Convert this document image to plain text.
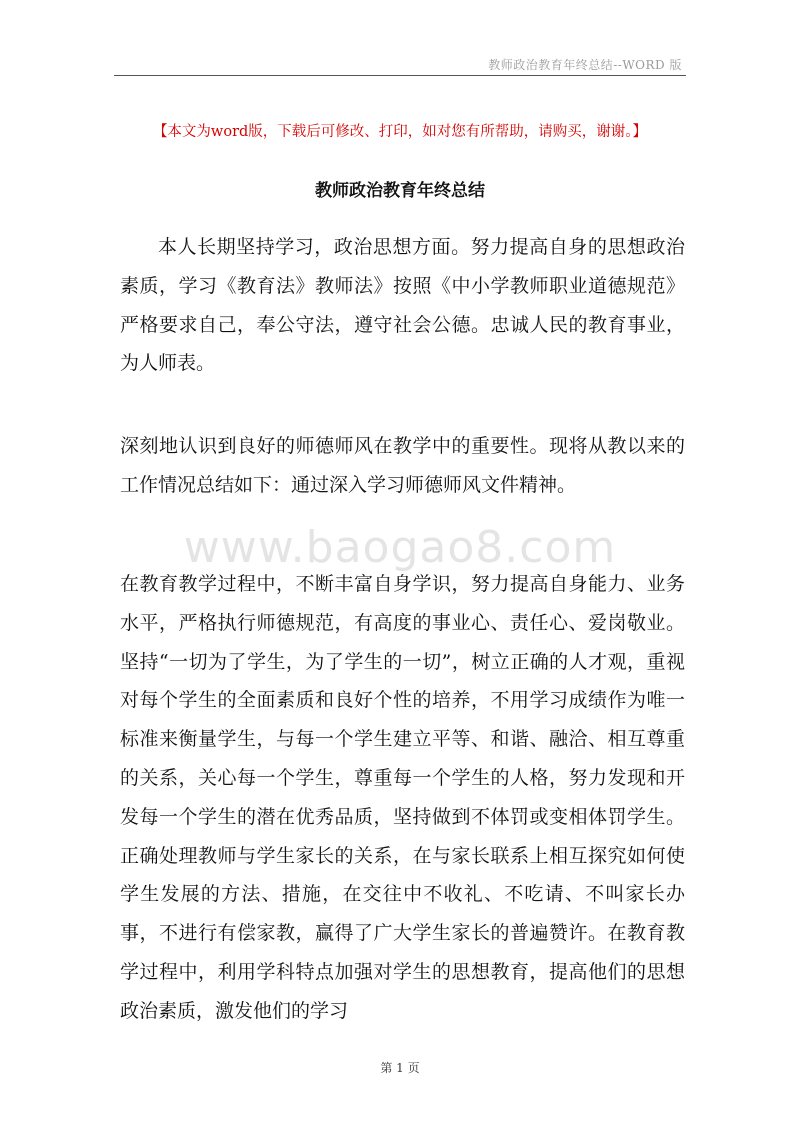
教师政治教育年终总结--WORD 版
【本文为word版，下载后可修改、打印，如对您有所帮助，请购买，谢谢。】
教师政治教育年终总结

本人长期坚持学习，政治思想方面。努力提高自身的思想政治素质，学习《教育法》教师法》按照《中小学教师职业道德规范》严格要求自己，奉公守法，遵守社会公德。忠诚人民的教育事业，为人师表。

深刻地认识到良好的师德师风在教学中的重要性。现将从教以来的工作情况总结如下：通过深入学习师德师风文件精神。

www.baogao8.com

在教育教学过程中，不断丰富自身学识，努力提高自身能力、业务水平，严格执行师德规范，有高度的事业心、责任心、爱岗敬业。坚持“一切为了学生，为了学生的一切”，树立正确的人才观，重视对每个学生的全面素质和良好个性的培养，不用学习成绩作为唯一标准来衡量学生，与每一个学生建立平等、和谐、融洽、相互尊重的关系，关心每一个学生，尊重每一个学生的人格，努力发现和开发每一个学生的潜在优秀品质，坚持做到不体罚或变相体罚学生。正确处理教师与学生家长的关系，在与家长联系上相互探究如何使学生发展的方法、措施，在交往中不收礼、不吃请、不叫家长办事，不进行有偿家教，赢得了广大学生家长的普遍赞许。在教育教学过程中，利用学科特点加强对学生的思想教育，提高他们的思想政治素质，激发他们的学习

第 1 页
